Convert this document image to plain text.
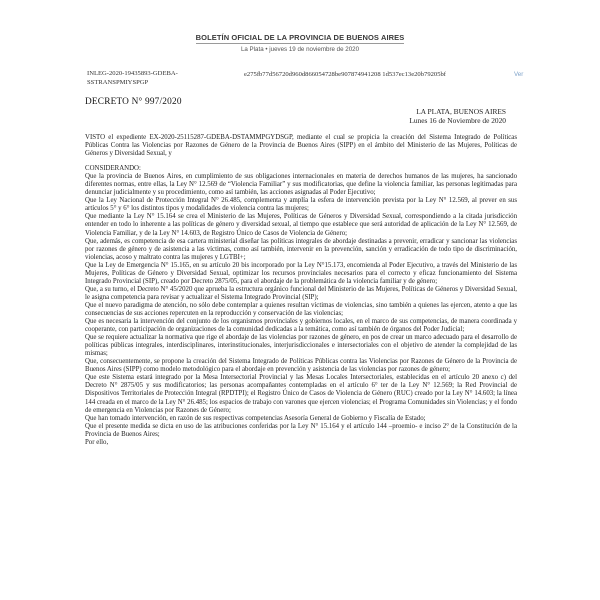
BOLETÍN OFICIAL DE LA PROVINCIA DE BUENOS AIRES
La Plata • jueves 19 de noviembre de 2020
INLEG-2020-19435893-GDEBA-SSTRANSPMIYSPGP
e275fb77d56720d960d866054728be907874941208 1d537ec13e20b79205bf	Ver
DECRETO N° 997/2020
LA PLATA, BUENOS AIRES
Lunes 16 de Noviembre de 2020

VISTO el expediente EX-2020-25115287-GDEBA-DSTAMMPGYDSGP, mediante el cual se propicia la creación del Sistema Integrado de Políticas Públicas Contra las Violencias por Razones de Género de la Provincia de Buenos Aires (SIPP) en el ámbito del Ministerio de las Mujeres, Políticas de Géneros y Diversidad Sexual, y

CONSIDERANDO:

Que la provincia de Buenos Aires, en cumplimiento de sus obligaciones internacionales en materia de derechos humanos de las mujeres, ha sancionado diferentes normas, entre ellas, la Ley N° 12.569 de “Violencia Familiar” y sus modificatorias, que define la violencia familiar, las personas legitimadas para denunciar judicialmente y su procedimiento, como así también, las acciones asignadas al Poder Ejecutivo;

Que la Ley Nacional de Protección Integral N° 26.485, complementa y amplía la esfera de intervención prevista por la Ley N° 12.569, al prever en sus artículos 5° y 6° los distintos tipos y modalidades de violencia contra las mujeres;

Que mediante la Ley N° 15.164 se crea el Ministerio de las Mujeres, Políticas de Géneros y Diversidad Sexual, correspondiendo a la citada jurisdicción entender en todo lo inherente a las políticas de género y diversidad sexual, al tiempo que establece que será autoridad de aplicación de la Ley N° 12.569, de Violencia Familiar, y de la Ley N° 14.603, de Registro Único de Casos de Violencia de Género;

Que, además, es competencia de esa cartera ministerial diseñar las políticas integrales de abordaje destinadas a prevenir, erradicar y sancionar las violencias por razones de género y de asistencia a las víctimas, como así también, intervenir en la prevención, sanción y erradicación de todo tipo de discriminación, violencias, acoso y maltrato contra las mujeres y LGTBI+;

Que la Ley de Emergencia N° 15.165, en su artículo 20 bis incorporado por la Ley N°15.173, encomienda al Poder Ejecutivo, a través del Ministerio de las Mujeres, Políticas de Género y Diversidad Sexual, optimizar los recursos provinciales necesarios para el correcto y eficaz funcionamiento del Sistema Integrado Provincial (SIP), creado por Decreto 2875/05, para el abordaje de la problemática de la violencia familiar y de género;

Que, a su turno, el Decreto N° 45/2020 que aprueba la estructura orgánico funcional del Ministerio de las Mujeres, Políticas de Géneros y Diversidad Sexual, le asigna competencia para revisar y actualizar el Sistema Integrado Provincial (SIP);

Que el nuevo paradigma de atención, no sólo debe contemplar a quienes resultan víctimas de violencias, sino también a quienes las ejercen, atento a que las consecuencias de sus acciones repercuten en la reproducción y conservación de las violencias;

Que es necesaria la intervención del conjunto de los organismos provinciales y gobiernos locales, en el marco de sus competencias, de manera coordinada y cooperante, con participación de organizaciones de la comunidad dedicadas a la temática, como así también de órganos del Poder Judicial;

Que se requiere actualizar la normativa que rige el abordaje de las violencias por razones de género, en pos de crear un marco adecuado para el desarrollo de políticas públicas integrales, interdisciplinares, interinstitucionales, interjurisdiccionales e intersectoriales con el objetivo de atender la complejidad de las mismas;

Que, consecuentemente, se propone la creación del Sistema Integrado de Políticas Públicas contra las Violencias por Razones de Género de la Provincia de Buenos Aires (SIPP) como modelo metodológico para el abordaje en prevención y asistencia de las violencias por razones de género;

Que este Sistema estará integrado por la Mesa Intersectorial Provincial y las Mesas Locales Intersectoriales, establecidas en el artículo 20 anexo c) del Decreto N° 2875/05 y sus modificatorios; las personas acompañantes contempladas en el artículo 6° ter de la Ley N° 12.569; la Red Provincial de Dispositivos Territoriales de Protección Integral (RPDTPI); el Registro Único de Casos de Violencia de Género (RUC) creado por la Ley N° 14.603; la línea 144 creada en el marco de la Ley N° 26.485; los espacios de trabajo con varones que ejercen violencias; el Programa Comunidades sin Violencias; y el fondo de emergencia en Violencias por Razones de Género;

Que han tomado intervención, en razón de sus respectivas competencias Asesoría General de Gobierno y Fiscalía de Estado;

Que el presente medida se dicta en uso de las atribuciones conferidas por la Ley N° 15.164 y el artículo 144 –proemio- e inciso 2° de la Constitución de la Provincia de Buenos Aires;

Por ello,
